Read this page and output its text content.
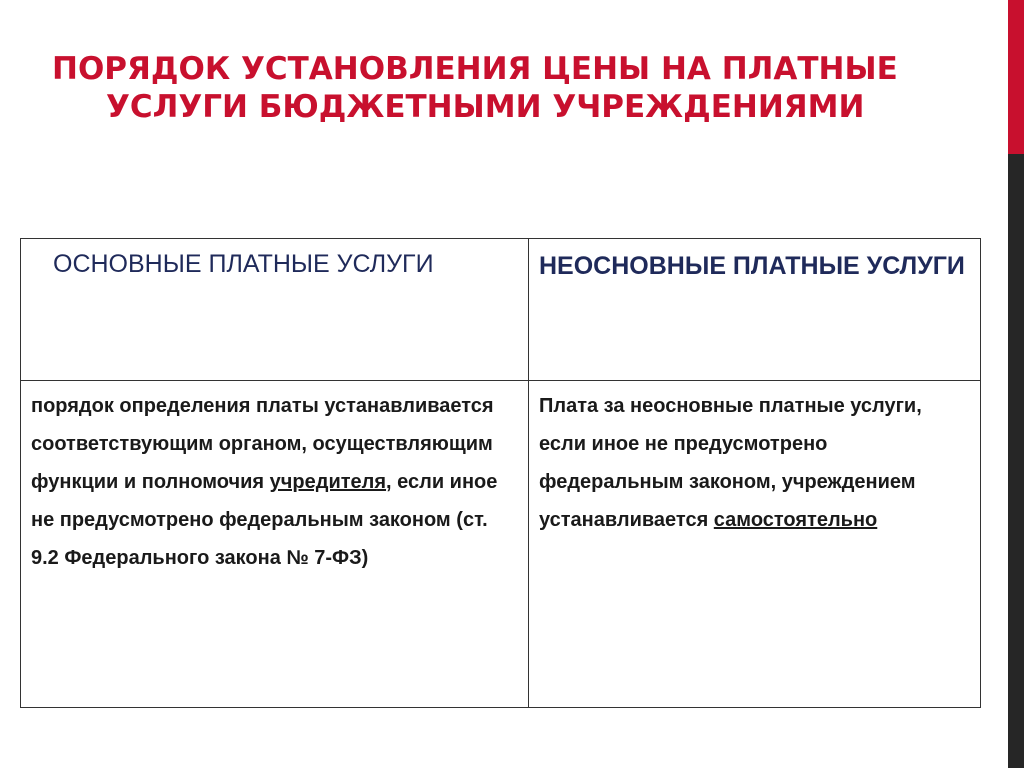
ПОРЯДОК УСТАНОВЛЕНИЯ ЦЕНЫ НА ПЛАТНЫЕ
УСЛУГИ БЮДЖЕТНЫМИ УЧРЕЖДЕНИЯМИ
ОСНОВНЫЕ ПЛАТНЫЕ УСЛУГИ	НЕОСНОВНЫЕ ПЛАТНЫЕ УСЛУГИ
порядок определения платы устанавливается соответствующим органом, осуществляющим функции и полномочия учредителя, если иное не предусмотрено федеральным законом (ст. 9.2 Федерального закона № 7-ФЗ)	Плата за неосновные платные услуги, если иное не предусмотрено федеральным законом, учреждением устанавливается самостоятельно
